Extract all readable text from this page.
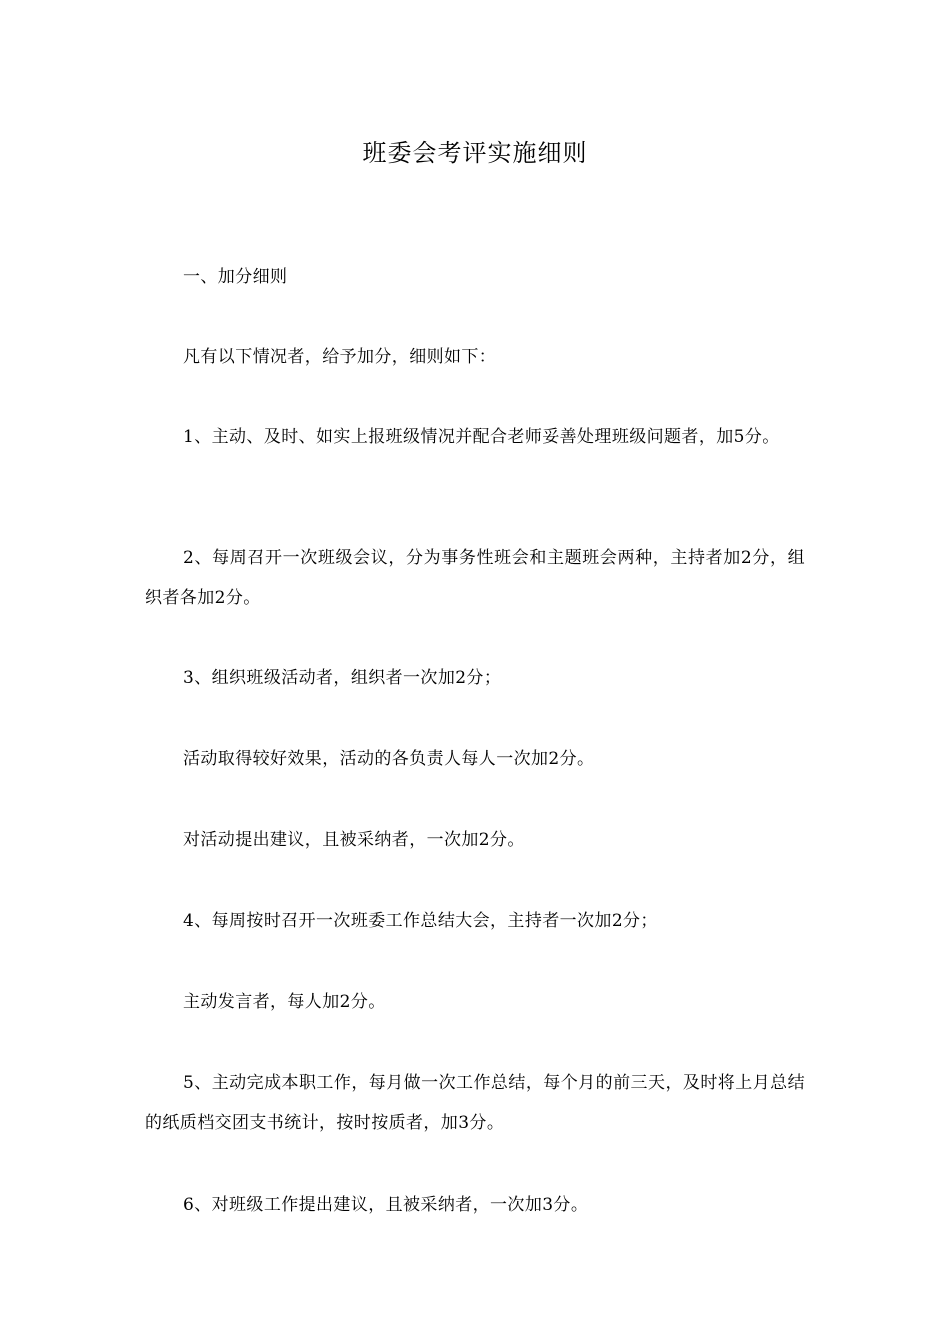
班委会考评实施细则
一、加分细则
凡有以下情况者，给予加分，细则如下：
1、主动、及时、如实上报班级情况并配合老师妥善处理班级问题者，加5分。
2、每周召开一次班级会议，分为事务性班会和主题班会两种，主持者加2分，组织者各加2分。
3、组织班级活动者，组织者一次加2分；
活动取得较好效果，活动的各负责人每人一次加2分。
对活动提出建议，且被采纳者，一次加2分。
4、每周按时召开一次班委工作总结大会，主持者一次加2分；
主动发言者，每人加2分。
5、主动完成本职工作，每月做一次工作总结，每个月的前三天，及时将上月总结的纸质档交团支书统计，按时按质者，加3分。
6、对班级工作提出建议，且被采纳者，一次加3分。
